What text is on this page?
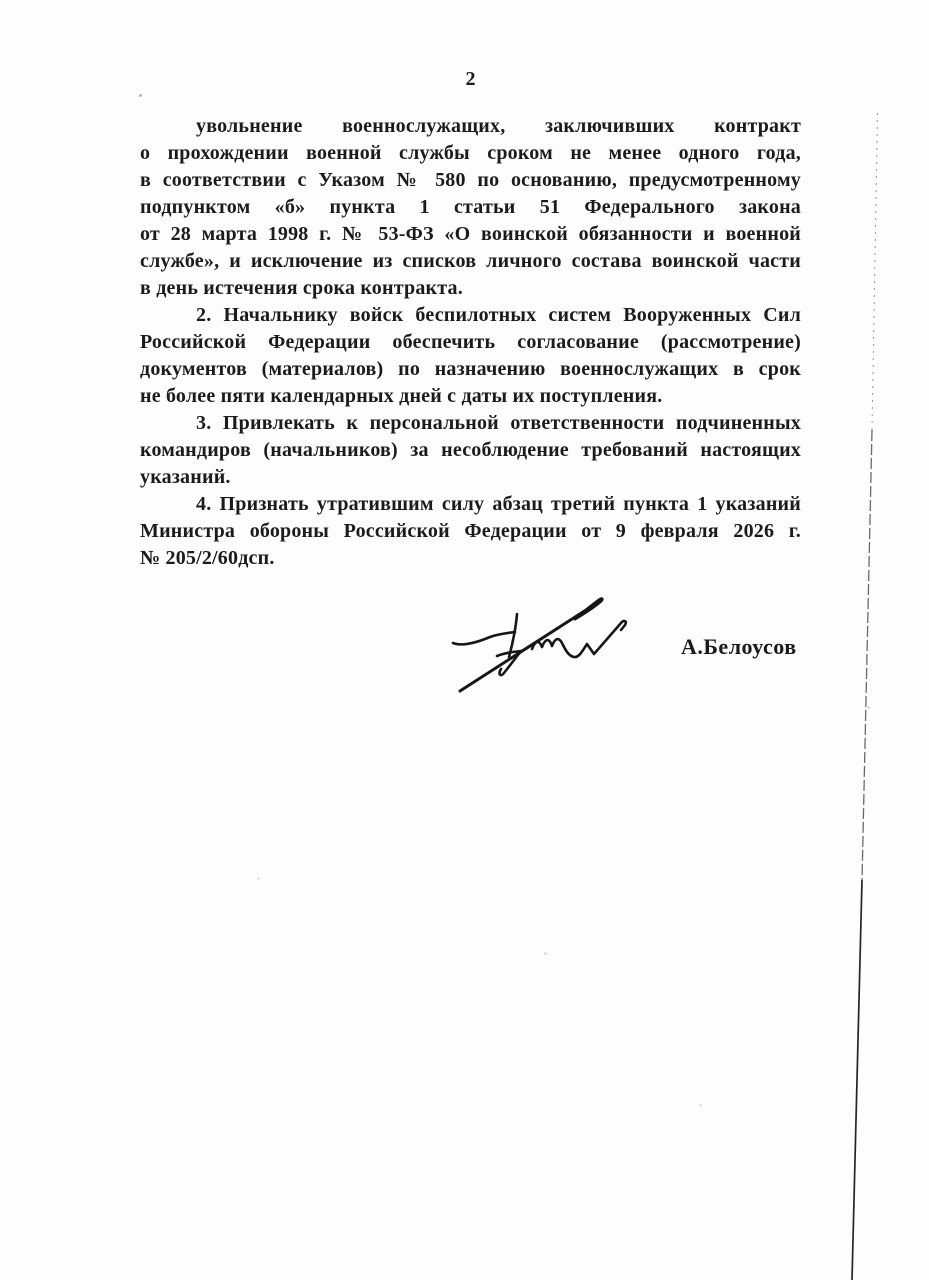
2
увольнение военнослужащих, заключивших контракт
о прохождении военной службы сроком не менее одного года,
в соответствии с Указом № 580 по основанию, предусмотренному
подпунктом «б» пункта 1 статьи 51 Федерального закона
от 28 марта 1998 г. № 53-ФЗ «О воинской обязанности и военной
службе», и исключение из списков личного состава воинской части
в день истечения срока контракта.
2. Начальнику войск беспилотных систем Вооруженных Сил
Российской Федерации обеспечить согласование (рассмотрение)
документов (материалов) по назначению военнослужащих в срок
не более пяти календарных дней с даты их поступления.
3. Привлекать к персональной ответственности подчиненных
командиров (начальников) за несоблюдение требований настоящих
указаний.
4. Признать утратившим силу абзац третий пункта 1 указаний
Министра обороны Российской Федерации от 9 февраля 2026 г.
№ 205/2/60дсп.
А.Белоусов
